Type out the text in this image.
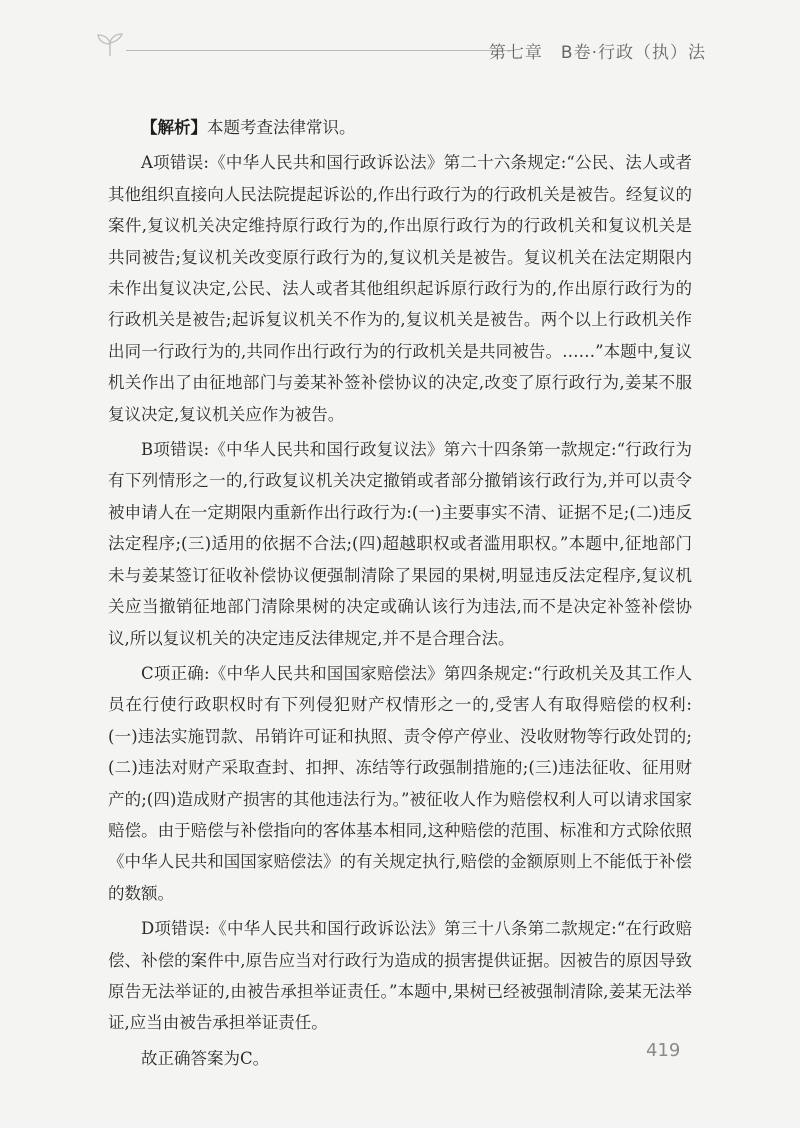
第七章　B卷·行政（执）法

【解析】本题考查法律常识。

A项错误:《中华人民共和国行政诉讼法》第二十六条规定:“公民、法人或者其他组织直接向人民法院提起诉讼的,作出行政行为的行政机关是被告。经复议的案件,复议机关决定维持原行政行为的,作出原行政行为的行政机关和复议机关是共同被告;复议机关改变原行政行为的,复议机关是被告。复议机关在法定期限内未作出复议决定,公民、法人或者其他组织起诉原行政行为的,作出原行政行为的行政机关是被告;起诉复议机关不作为的,复议机关是被告。两个以上行政机关作出同一行政行为的,共同作出行政行为的行政机关是共同被告。……”本题中,复议机关作出了由征地部门与姜某补签补偿协议的决定,改变了原行政行为,姜某不服复议决定,复议机关应作为被告。

B项错误:《中华人民共和国行政复议法》第六十四条第一款规定:“行政行为有下列情形之一的,行政复议机关决定撤销或者部分撤销该行政行为,并可以责令被申请人在一定期限内重新作出行政行为:(一)主要事实不清、证据不足;(二)违反法定程序;(三)适用的依据不合法;(四)超越职权或者滥用职权。”本题中,征地部门未与姜某签订征收补偿协议便强制清除了果园的果树,明显违反法定程序,复议机关应当撤销征地部门清除果树的决定或确认该行为违法,而不是决定补签补偿协议,所以复议机关的决定违反法律规定,并不是合理合法。

C项正确:《中华人民共和国国家赔偿法》第四条规定:“行政机关及其工作人员在行使行政职权时有下列侵犯财产权情形之一的,受害人有取得赔偿的权利:(一)违法实施罚款、吊销许可证和执照、责令停产停业、没收财物等行政处罚的;(二)违法对财产采取查封、扣押、冻结等行政强制措施的;(三)违法征收、征用财产的;(四)造成财产损害的其他违法行为。”被征收人作为赔偿权利人可以请求国家赔偿。由于赔偿与补偿指向的客体基本相同,这种赔偿的范围、标准和方式除依照《中华人民共和国国家赔偿法》的有关规定执行,赔偿的金额原则上不能低于补偿的数额。

D项错误:《中华人民共和国行政诉讼法》第三十八条第二款规定:“在行政赔偿、补偿的案件中,原告应当对行政行为造成的损害提供证据。因被告的原因导致原告无法举证的,由被告承担举证责任。”本题中,果树已经被强制清除,姜某无法举证,应当由被告承担举证责任。

故正确答案为C。	419
